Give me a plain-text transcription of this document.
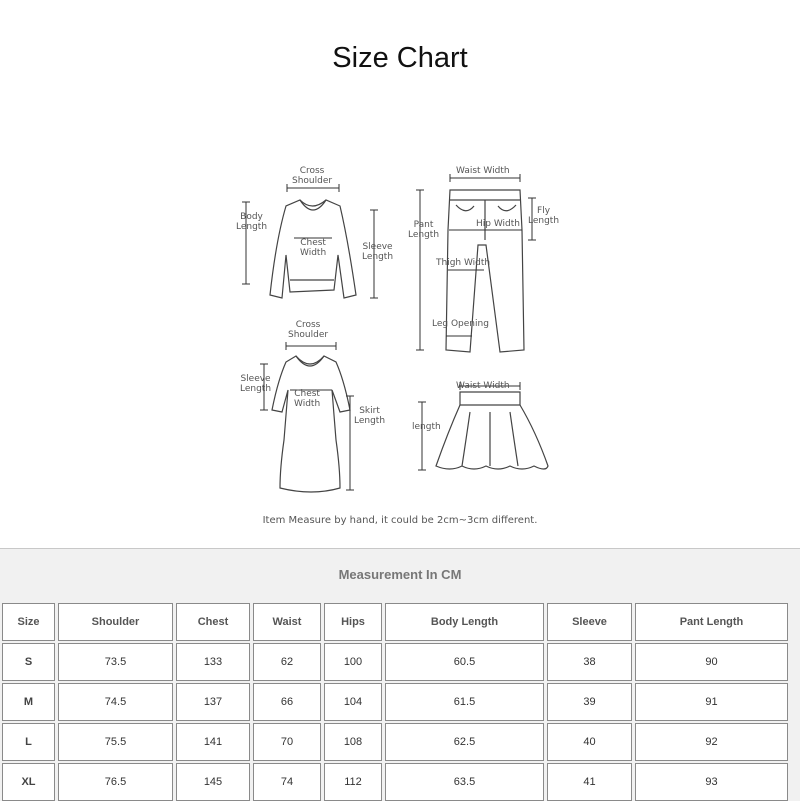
Size Chart
Cross
Shoulder
Body
Length
Chest
Width
Sleeve
Length
Waist Width
Pant
Length
Fly
Length
Hip Width
Thigh Width
Leg Opening
Cross
Shoulder
Sleeve
Length	Chest
Width
Skirt
Length
Waist Width
length
Item Measure by hand, it could be 2cm~3cm different.
Measurement In CM
Size	Shoulder	Chest	Waist	Hips	Body Length	Sleeve	Pant Length
S	73.5	133	62	100	60.5	38	90
M	74.5	137	66	104	61.5	39	91
L	75.5	141	70	108	62.5	40	92
XL	76.5	145	74	112	63.5	41	93
